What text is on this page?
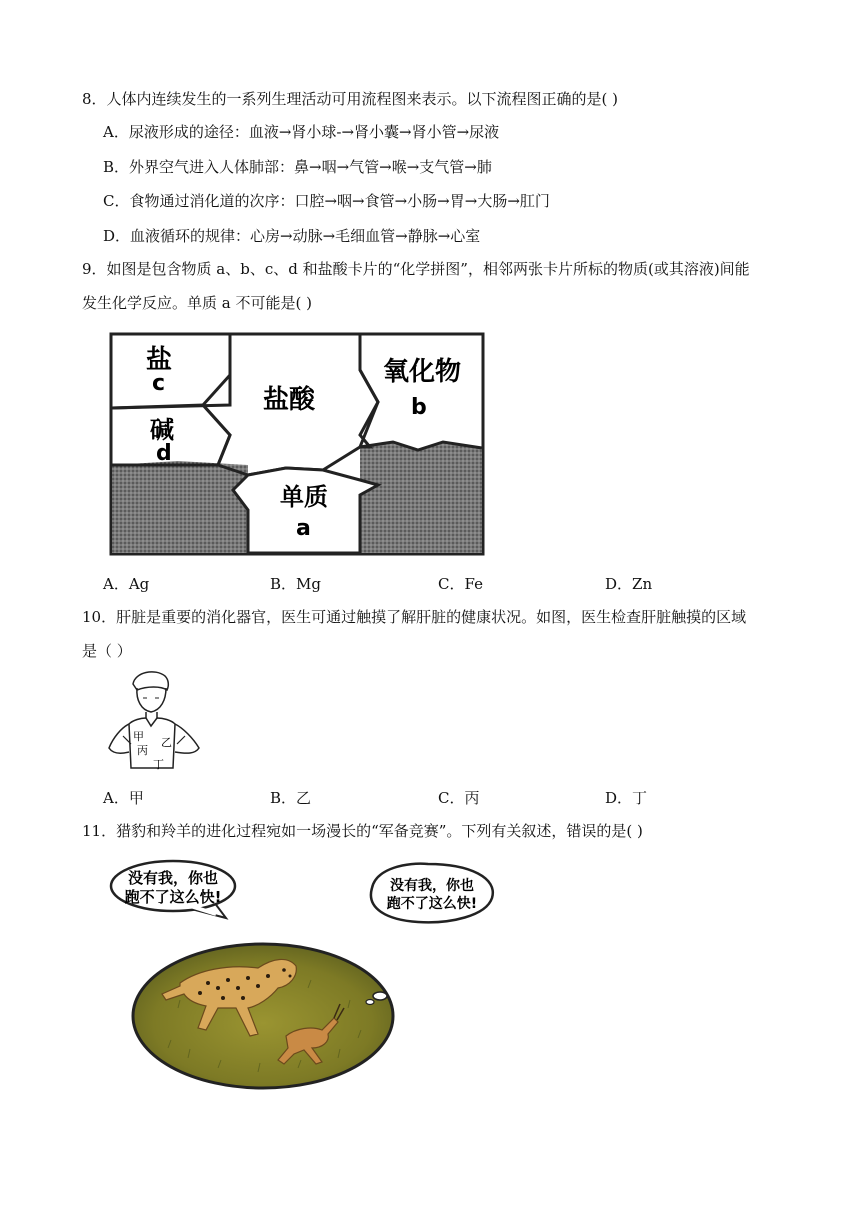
8．人体内连续发生的一系列生理活动可用流程图来表示。以下流程图正确的是( )
A．尿液形成的途径：血液→肾小球-→肾小囊→肾小管→尿液
B．外界空气进入人体肺部：鼻→咽→气管→喉→支气管→肺
C．食物通过消化道的次序：口腔→咽→食管→小肠→胃→大肠→肛门
D．血液循环的规律：心房→动脉→毛细血管→静脉→心室
9．如图是包含物质 a、b、c、d 和盐酸卡片的“化学拼图”，相邻两张卡片所标的物质(或其溶液)间能
发生化学反应。单质 a 不可能是( )
盐
c
碱
d
盐酸
氧化物
b
单质
a
A．Ag	B．Mg	C．Fe	D．Zn
10．肝脏是重要的消化器官，医生可通过触摸了解肝脏的健康状况。如图，医生检查肝脏触摸的区域
是（ ）
甲 乙
丙
丁
A．甲	B．乙	C．丙	D．丁
11．猎豹和羚羊的进化过程宛如一场漫长的“军备竞赛”。下列有关叙述，错误的是( )
没有我，你也
跑不了这么快!
没有我，你也
跑不了这么快!
